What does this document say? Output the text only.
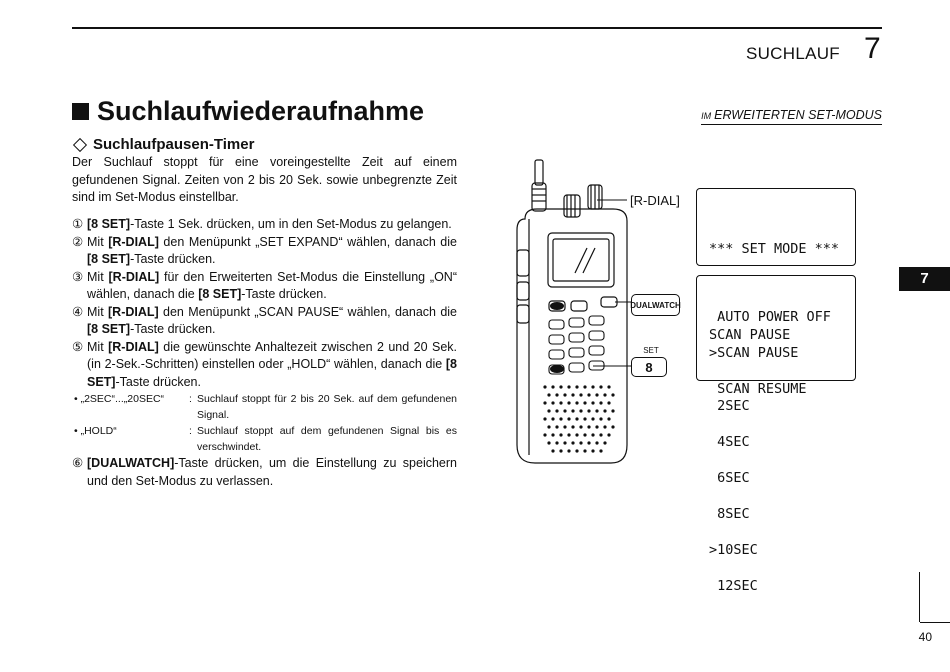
SUCHLAUF 7
Suchlaufwiederaufnahme	IM ERWEITERTEN SET-MODUS
Suchlaufpausen-Timer
Der Suchlauf stoppt für eine voreingestellte Zeit auf einem gefundenen Signal. Zeiten von 2 bis 20 Sek. sowie unbegrenzte Zeit sind im Set-Modus einstellbar.
① [8 SET]-Taste 1 Sek. drücken, um in den Set-Modus zu gelangen.
② Mit [R-DIAL] den Menüpunkt „SET EXPAND“ wählen, danach die [8 SET]-Taste drücken.
③ Mit [R-DIAL] für den Erweiterten Set-Modus die Einstellung „ON“ wählen, danach die [8 SET]-Taste drücken.
④ Mit [R-DIAL] den Menüpunkt „SCAN PAUSE“ wählen, danach die [8 SET]-Taste drücken.
⑤ Mit [R-DIAL] die gewünschte Anhaltezeit zwischen 2 und 20 Sek. (in 2-Sek.-Schritten) einstellen oder „HOLD“ wählen, danach die [8 SET]-Taste drücken.
• „2SEC“...„20SEC“	: Suchlauf stoppt für 2 bis 20 Sek. auf dem gefundenen Signal.
• „HOLD“	: Suchlauf stoppt auf dem gefundenen Signal bis es verschwindet.
⑥ [DUALWATCH]-Taste drücken, um die Einstellung zu speichern und den Set-Modus zu verlassen.
[R-DIAL]
DUALWATCH
SET
8

*** SET MODE ***

AUTO POWER OFF

>SCAN PAUSE

SCAN RESUME

SCAN PAUSE

2SEC

4SEC

6SEC

8SEC

>10SEC

12SEC

7
40
